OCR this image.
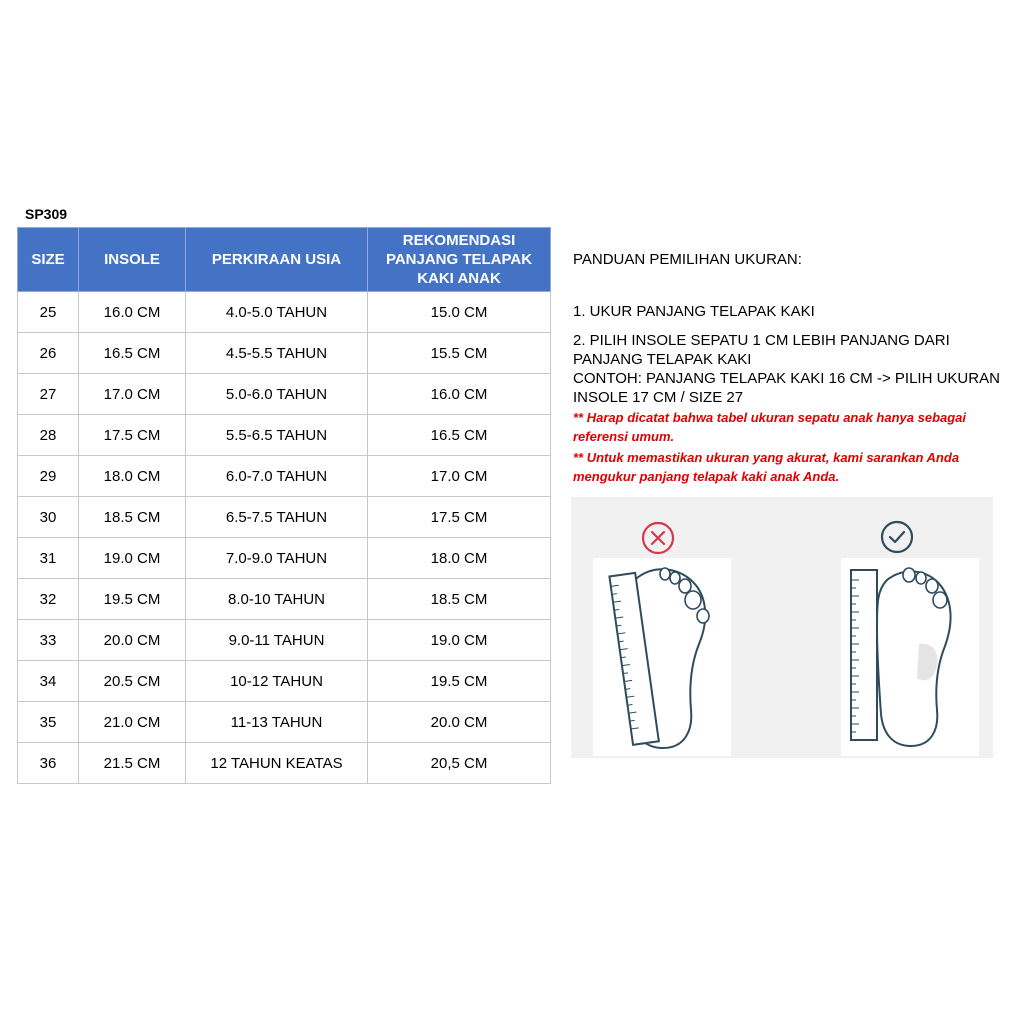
SP309
SIZE	INSOLE	PERKIRAAN USIA	REKOMENDASI PANJANG TELAPAK KAKI ANAK
25	16.0 CM	4.0-5.0 TAHUN	15.0 CM
26	16.5 CM	4.5-5.5 TAHUN	15.5 CM
27	17.0 CM	5.0-6.0 TAHUN	16.0 CM
28	17.5 CM	5.5-6.5 TAHUN	16.5 CM
29	18.0 CM	6.0-7.0 TAHUN	17.0 CM
30	18.5 CM	6.5-7.5 TAHUN	17.5 CM
31	19.0 CM	7.0-9.0 TAHUN	18.0 CM
32	19.5 CM	8.0-10 TAHUN	18.5 CM
33	20.0 CM	9.0-11 TAHUN	19.0 CM
34	20.5 CM	10-12 TAHUN	19.5 CM
35	21.0 CM	11-13 TAHUN	20.0 CM
36	21.5 CM	12 TAHUN KEATAS	20,5 CM
PANDUAN PEMILIHAN UKURAN:
1. UKUR PANJANG TELAPAK KAKI
2. PILIH INSOLE SEPATU 1 CM LEBIH PANJANG DARI
PANJANG TELAPAK KAKI
CONTOH: PANJANG TELAPAK KAKI 16 CM -> PILIH UKURAN
INSOLE 17 CM / SIZE 27
** Harap dicatat bahwa tabel ukuran sepatu anak hanya sebagai
referensi umum.
** Untuk memastikan ukuran yang akurat, kami sarankan Anda
mengukur panjang telapak kaki anak Anda.
